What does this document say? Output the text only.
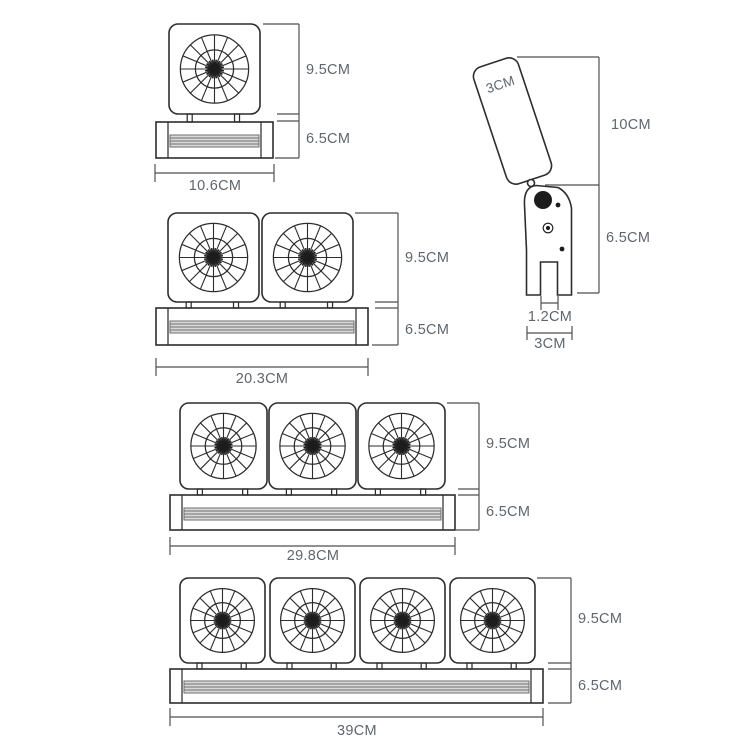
9.5CM
6.5CM
10.6CM
9.5CM
6.5CM
20.3CM
9.5CM
6.5CM
29.8CM
9.5CM
6.5CM
39CM
3CM
10CM
6.5CM
1.2CM
3CM
